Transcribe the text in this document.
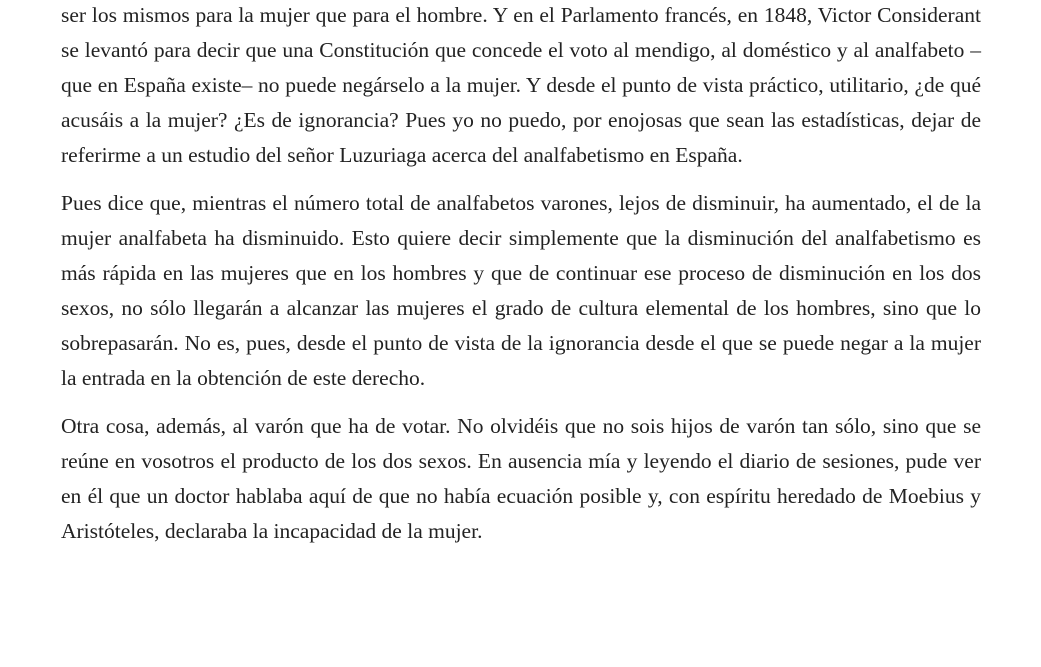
ser los mismos para la mujer que para el hombre. Y en el Parlamento francés, en 1848, Victor Considerant se levantó para decir que una Constitución que concede el voto al mendigo, al doméstico y al analfabeto – que en España existe– no puede negárselo a la mujer. Y desde el punto de vista práctico, utilitario, ¿de qué acusáis a la mujer? ¿Es de ignorancia? Pues yo no puedo, por enojosas que sean las estadísticas, dejar de referirme a un estudio del señor Luzuriaga acerca del analfabetismo en España.

Pues dice que, mientras el número total de analfabetos varones, lejos de disminuir, ha aumentado, el de la mujer analfabeta ha disminuido. Esto quiere decir simplemente que la disminución del analfabetismo es más rápida en las mujeres que en los hombres y que de continuar ese proceso de disminución en los dos sexos, no sólo llegarán a alcanzar las mujeres el grado de cultura elemental de los hombres, sino que lo sobrepasarán. No es, pues, desde el punto de vista de la ignorancia desde el que se puede negar a la mujer la entrada en la obtención de este derecho.

Otra cosa, además, al varón que ha de votar. No olvidéis que no sois hijos de varón tan sólo, sino que se reúne en vosotros el producto de los dos sexos. En ausencia mía y leyendo el diario de sesiones, pude ver en él que un doctor hablaba aquí de que no había ecuación posible y, con espíritu heredado de Moebius y Aristóteles, declaraba la incapacidad de la mujer.
